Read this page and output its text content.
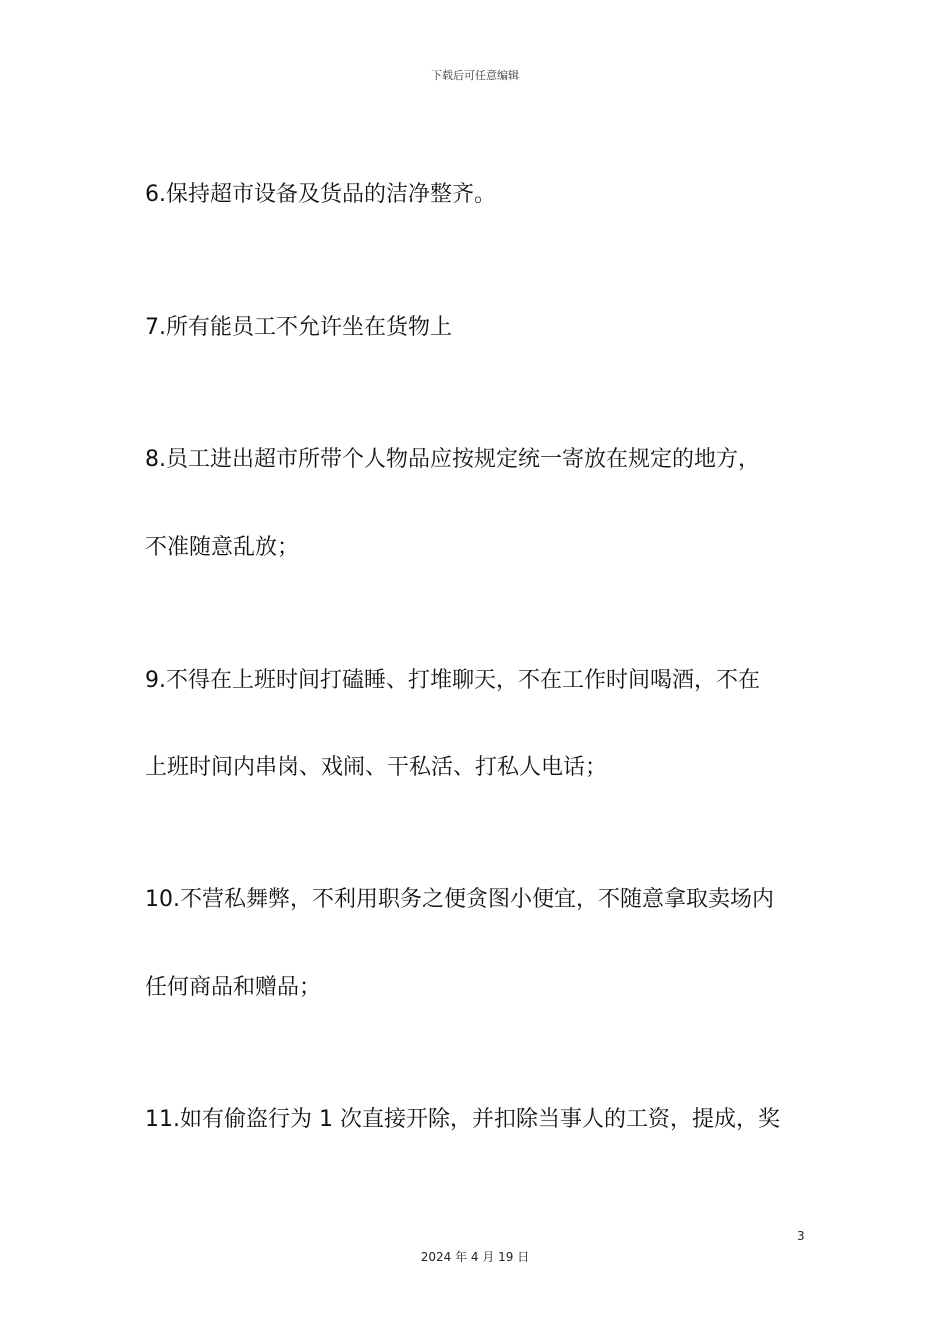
下载后可任意编辑
6.保持超市设备及货品的洁净整齐。
7.所有能员工不允许坐在货物上
8.员工进出超市所带个人物品应按规定统一寄放在规定的地方，
不准随意乱放；
9.不得在上班时间打磕睡、打堆聊天，不在工作时间喝酒，不在
上班时间内串岗、戏闹、干私活、打私人电话；
10.不营私舞弊，不利用职务之便贪图小便宜，不随意拿取卖场内
任何商品和赠品；
11.如有偷盗行为 1 次直接开除，并扣除当事人的工资，提成，奖
3
2024 年 4 月 19 日
